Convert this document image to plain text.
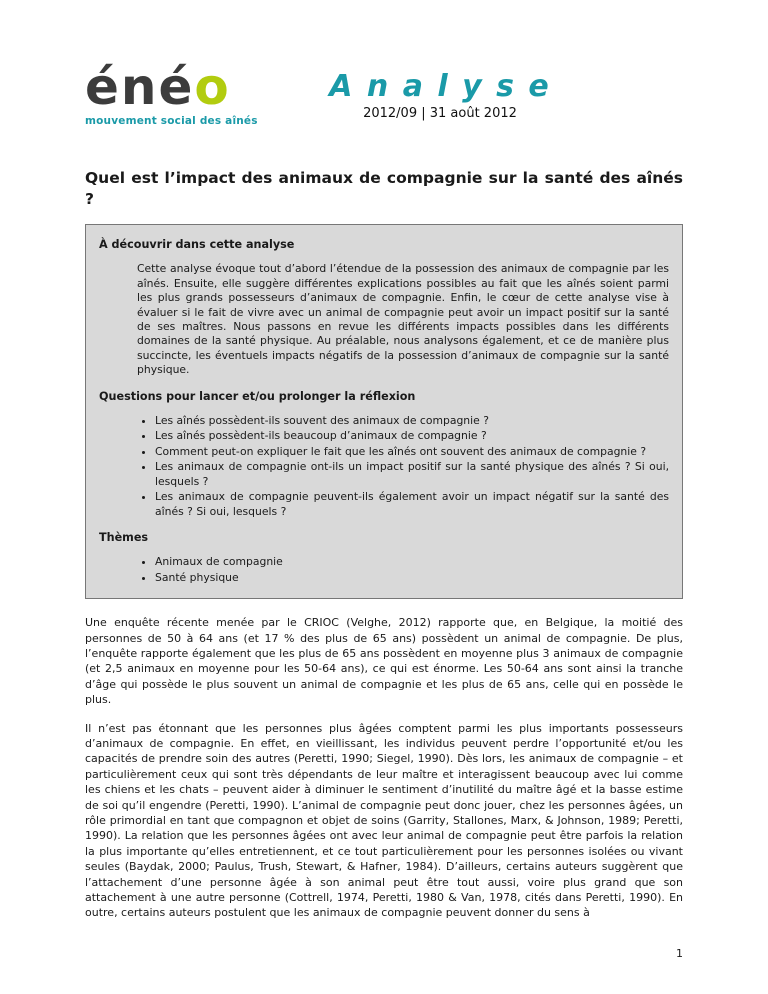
énéo
mouvement social des aînés
A n a l y s e
2012/09 | 31 août 2012
Quel est l’impact des animaux de compagnie sur la santé des aînés ?
À découvrir dans cette analyse

Cette analyse évoque tout d’abord l’étendue de la possession des animaux de compagnie par les aînés. Ensuite, elle suggère différentes explications possibles au fait que les aînés soient parmi les plus grands possesseurs d’animaux de compagnie. Enfin, le cœur de cette analyse vise à évaluer si le fait de vivre avec un animal de compagnie peut avoir un impact positif sur la santé de ses maîtres. Nous passons en revue les différents impacts possibles dans les différents domaines de la santé physique. Au préalable, nous analysons également, et ce de manière plus succincte, les éventuels impacts négatifs de la possession d’animaux de compagnie sur la santé physique.

Questions pour lancer et/ou prolonger la réflexion
• Les aînés possèdent-ils souvent des animaux de compagnie ?
• Les aînés possèdent-ils beaucoup d’animaux de compagnie ?
• Comment peut-on expliquer le fait que les aînés ont souvent des animaux de compagnie ?
• Les animaux de compagnie ont-ils un impact positif sur la santé physique des aînés ? Si oui, lesquels ?
• Les animaux de compagnie peuvent-ils également avoir un impact négatif sur la santé des aînés ? Si oui, lesquels ?
Thèmes
• Animaux de compagnie
• Santé physique

Une enquête récente menée par le CRIOC (Velghe, 2012) rapporte que, en Belgique, la moitié des personnes de 50 à 64 ans (et 17 % des plus de 65 ans) possèdent un animal de compagnie. De plus, l’enquête rapporte également que les plus de 65 ans possèdent en moyenne plus 3 animaux de compagnie (et 2,5 animaux en moyenne pour les 50-64 ans), ce qui est énorme. Les 50-64 ans sont ainsi la tranche d’âge qui possède le plus souvent un animal de compagnie et les plus de 65 ans, celle qui en possède le plus.

Il n’est pas étonnant que les personnes plus âgées comptent parmi les plus importants possesseurs d’animaux de compagnie. En effet, en vieillissant, les individus peuvent perdre l’opportunité et/ou les capacités de prendre soin des autres (Peretti, 1990; Siegel, 1990). Dès lors, les animaux de compagnie – et particulièrement ceux qui sont très dépendants de leur maître et interagissent beaucoup avec lui comme les chiens et les chats – peuvent aider à diminuer le sentiment d’inutilité du maître âgé et la basse estime de soi qu’il engendre (Peretti, 1990). L’animal de compagnie peut donc jouer, chez les personnes âgées, un rôle primordial en tant que compagnon et objet de soins (Garrity, Stallones, Marx, & Johnson, 1989; Peretti, 1990). La relation que les personnes âgées ont avec leur animal de compagnie peut être parfois la relation la plus importante qu’elles entretiennent, et ce tout particulièrement pour les personnes isolées ou vivant seules (Baydak, 2000; Paulus, Trush, Stewart, & Hafner, 1984). D’ailleurs, certains auteurs suggèrent que l’attachement d’une personne âgée à son animal peut être tout aussi, voire plus grand que son attachement à une autre personne (Cottrell, 1974, Peretti, 1980 & Van, 1978, cités dans Peretti, 1990). En outre, certains auteurs postulent que les animaux de compagnie peuvent donner du sens à

1
